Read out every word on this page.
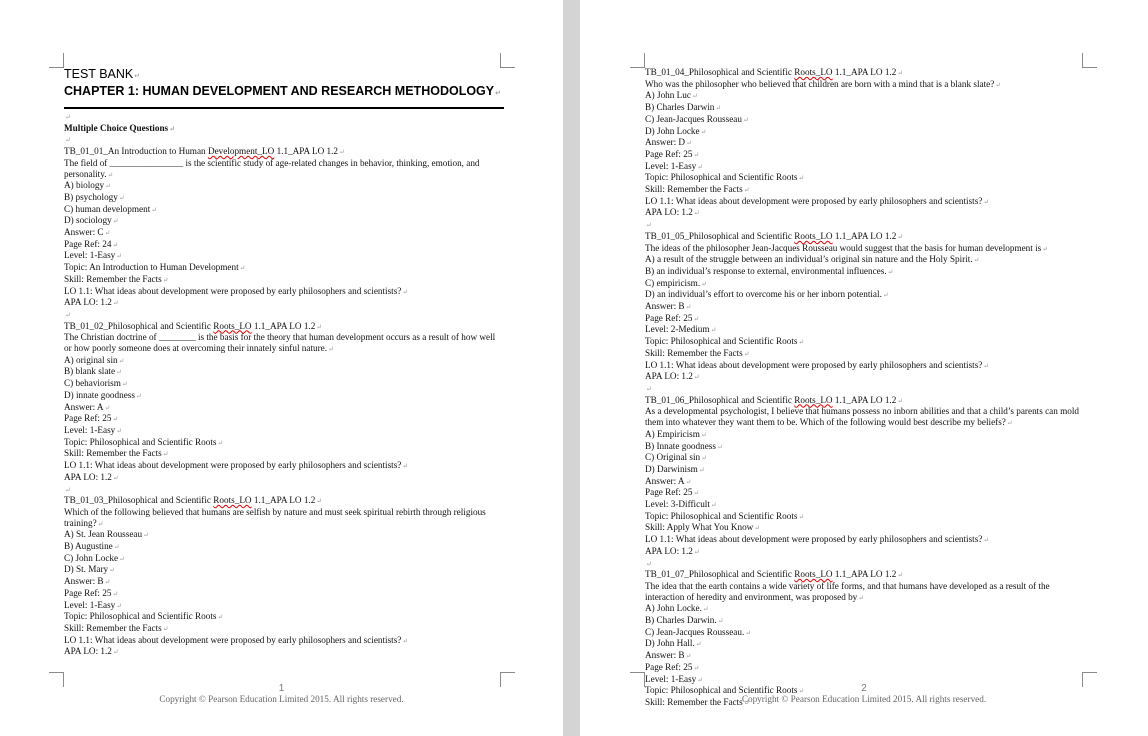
TEST BANK ↵
CHAPTER 1: HUMAN DEVELOPMENT AND RESEARCH METHODOLOGY ↵
↵
Multiple Choice Questions ↵
↵
TB_01_01_An Introduction to Human Development_LO 1.1_APA LO 1.2 ↵
The field of ________________ is the scientific study of age-related changes in behavior, thinking, emotion, and personality. ↵
A) biology ↵
B) psychology ↵
C) human development ↵
D) sociology ↵
Answer: C ↵
Page Ref: 24 ↵
Level: 1-Easy ↵
Topic: An Introduction to Human Development ↵
Skill: Remember the Facts ↵
LO 1.1: What ideas about development were proposed by early philosophers and scientists? ↵
APA LO: 1.2 ↵
↵
TB_01_02_Philosophical and Scientific Roots_LO 1.1_APA LO 1.2 ↵
The Christian doctrine of ________ is the basis for the theory that human development occurs as a result of how well or how poorly someone does at overcoming their innately sinful nature. ↵
A) original sin ↵
B) blank slate ↵
C) behaviorism ↵
D) innate goodness ↵
Answer: A ↵
Page Ref: 25 ↵
Level: 1-Easy ↵
Topic: Philosophical and Scientific Roots ↵
Skill: Remember the Facts ↵
LO 1.1: What ideas about development were proposed by early philosophers and scientists? ↵
APA LO: 1.2 ↵
↵
TB_01_03_Philosophical and Scientific Roots_LO 1.1_APA LO 1.2 ↵
Which of the following believed that humans are selfish by nature and must seek spiritual rebirth through religious training? ↵
A) St. Jean Rousseau ↵
B) Augustine ↵
C) John Locke ↵
D) St. Mary ↵
Answer: B ↵
Page Ref: 25 ↵
Level: 1-Easy ↵
Topic: Philosophical and Scientific Roots ↵
Skill: Remember the Facts ↵
LO 1.1: What ideas about development were proposed by early philosophers and scientists? ↵
APA LO: 1.2 ↵
1
Copyright © Pearson Education Limited 2015. All rights reserved.
TB_01_04_Philosophical and Scientific Roots_LO 1.1_APA LO 1.2 ↵
Who was the philosopher who believed that children are born with a mind that is a blank slate? ↵
A) John Luc ↵
B) Charles Darwin ↵
C) Jean-Jacques Rousseau ↵
D) John Locke ↵
Answer: D ↵
Page Ref: 25 ↵
Level: 1-Easy ↵
Topic: Philosophical and Scientific Roots ↵
Skill: Remember the Facts ↵
LO 1.1: What ideas about development were proposed by early philosophers and scientists? ↵
APA LO: 1.2 ↵
↵
TB_01_05_Philosophical and Scientific Roots_LO 1.1_APA LO 1.2 ↵
The ideas of the philosopher Jean-Jacques Rousseau would suggest that the basis for human development is ↵
A) a result of the struggle between an individual’s original sin nature and the Holy Spirit. ↵
B) an individual’s response to external, environmental influences. ↵
C) empiricism. ↵
D) an individual’s effort to overcome his or her inborn potential. ↵
Answer: B ↵
Page Ref: 25 ↵
Level: 2-Medium ↵
Topic: Philosophical and Scientific Roots ↵
Skill: Remember the Facts ↵
LO 1.1: What ideas about development were proposed by early philosophers and scientists? ↵
APA LO: 1.2 ↵
↵
TB_01_06_Philosophical and Scientific Roots_LO 1.1_APA LO 1.2 ↵
As a developmental psychologist, I believe that humans possess no inborn abilities and that a child’s parents can mold them into whatever they want them to be. Which of the following would best describe my beliefs? ↵
A) Empiricism ↵
B) Innate goodness ↵
C) Original sin ↵
D) Darwinism ↵
Answer: A ↵
Page Ref: 25 ↵
Level: 3-Difficult ↵
Topic: Philosophical and Scientific Roots ↵
Skill: Apply What You Know ↵
LO 1.1: What ideas about development were proposed by early philosophers and scientists? ↵
APA LO: 1.2 ↵
↵
TB_01_07_Philosophical and Scientific Roots_LO 1.1_APA LO 1.2 ↵
The idea that the earth contains a wide variety of life forms, and that humans have developed as a result of the interaction of heredity and environment, was proposed by ↵
A) John Locke. ↵
B) Charles Darwin. ↵
C) Jean-Jacques Rousseau. ↵
D) John Hall. ↵
Answer: B ↵
Page Ref: 25 ↵
Level: 1-Easy ↵
Topic: Philosophical and Scientific Roots ↵
Skill: Remember the Facts ↵
2
Copyright © Pearson Education Limited 2015. All rights reserved.
